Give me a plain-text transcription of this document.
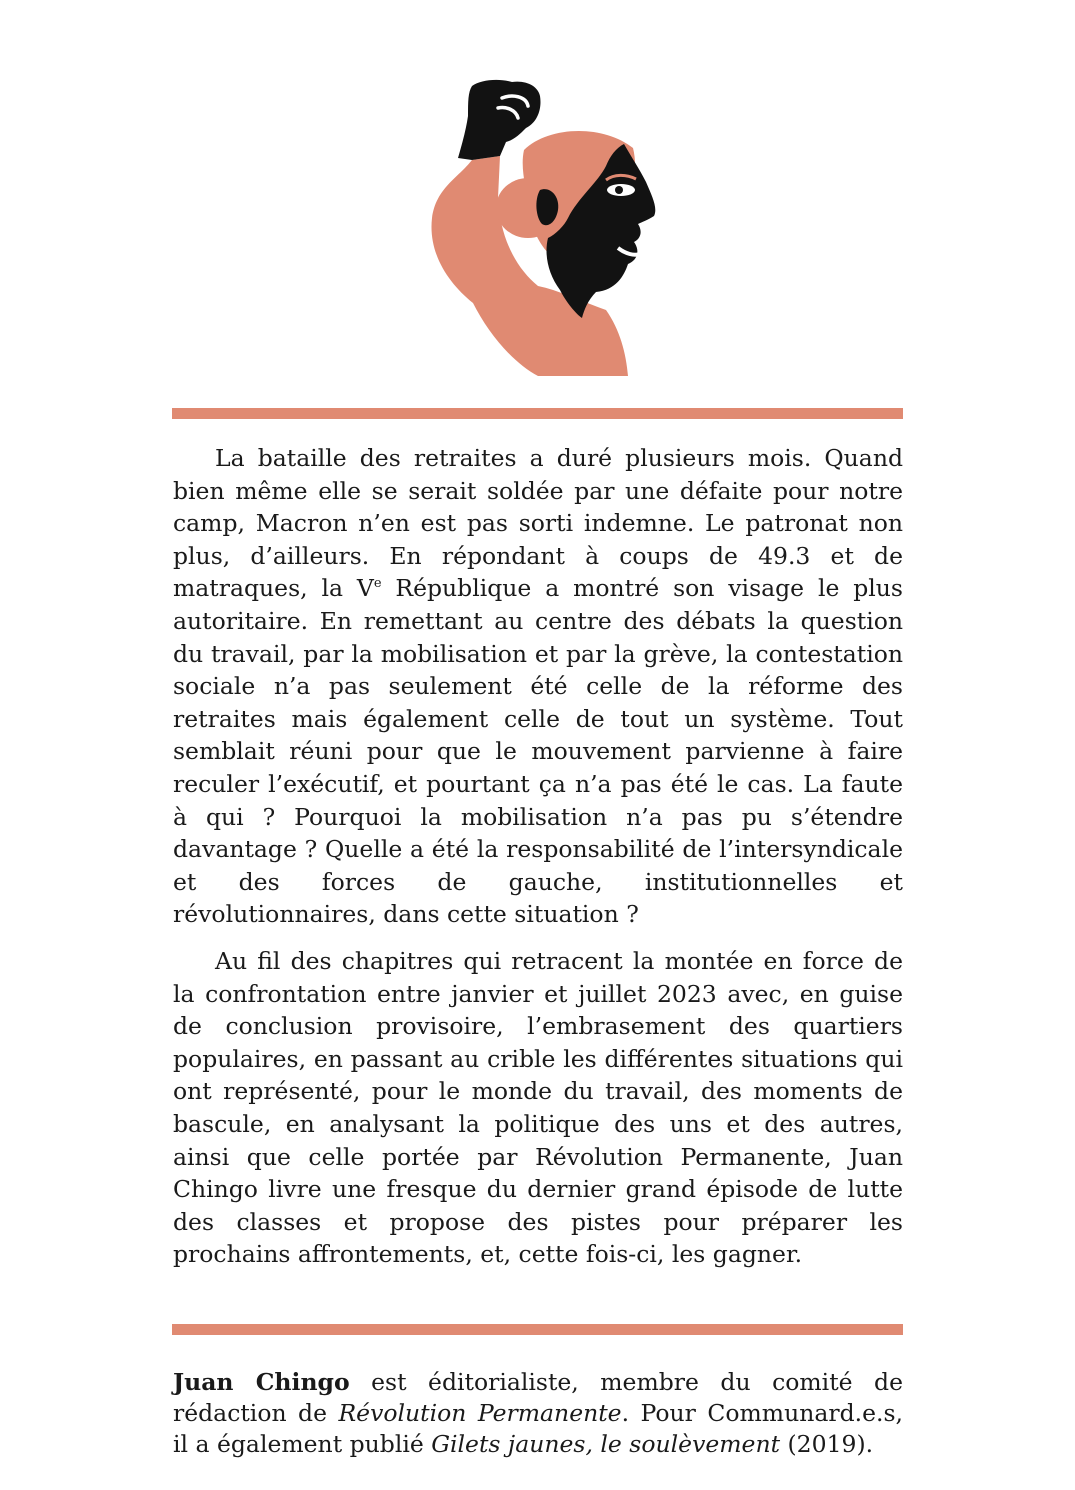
La bataille des retraites a duré plusieurs mois. Quand bien même elle se serait soldée par une défaite pour notre camp, Macron n’en est pas sorti indemne. Le patronat non plus, d’ailleurs. En répondant à coups de 49.3 et de matraques, la Ve République a montré son visage le plus autoritaire. En remettant au centre des débats la question du travail, par la mobilisation et par la grève, la contestation sociale n’a pas seulement été celle de la réforme des retraites mais également celle de tout un système. Tout semblait réuni pour que le mouvement parvienne à faire reculer l’exécutif, et pourtant ça n’a pas été le cas. La faute à qui ? Pourquoi la mobilisation n’a pas pu s’étendre davantage ? Quelle a été la responsabilité de l’intersyndicale et des forces de gauche, institutionnelles et révolutionnaires, dans cette situation ?

Au fil des chapitres qui retracent la montée en force de la confrontation entre janvier et juillet 2023 avec, en guise de conclusion provisoire, l’embrasement des quartiers populaires, en passant au crible les différentes situations qui ont représenté, pour le monde du travail, des moments de bascule, en analysant la politique des uns et des autres, ainsi que celle portée par Révolution Permanente, Juan Chingo livre une fresque du dernier grand épisode de lutte des classes et propose des pistes pour préparer les prochains affrontements, et, cette fois-ci, les gagner.

Juan Chingo est éditorialiste, membre du comité de rédaction de Révolution Permanente. Pour Communard.e.s, il a également publié Gilets jaunes, le soulèvement (2019).
